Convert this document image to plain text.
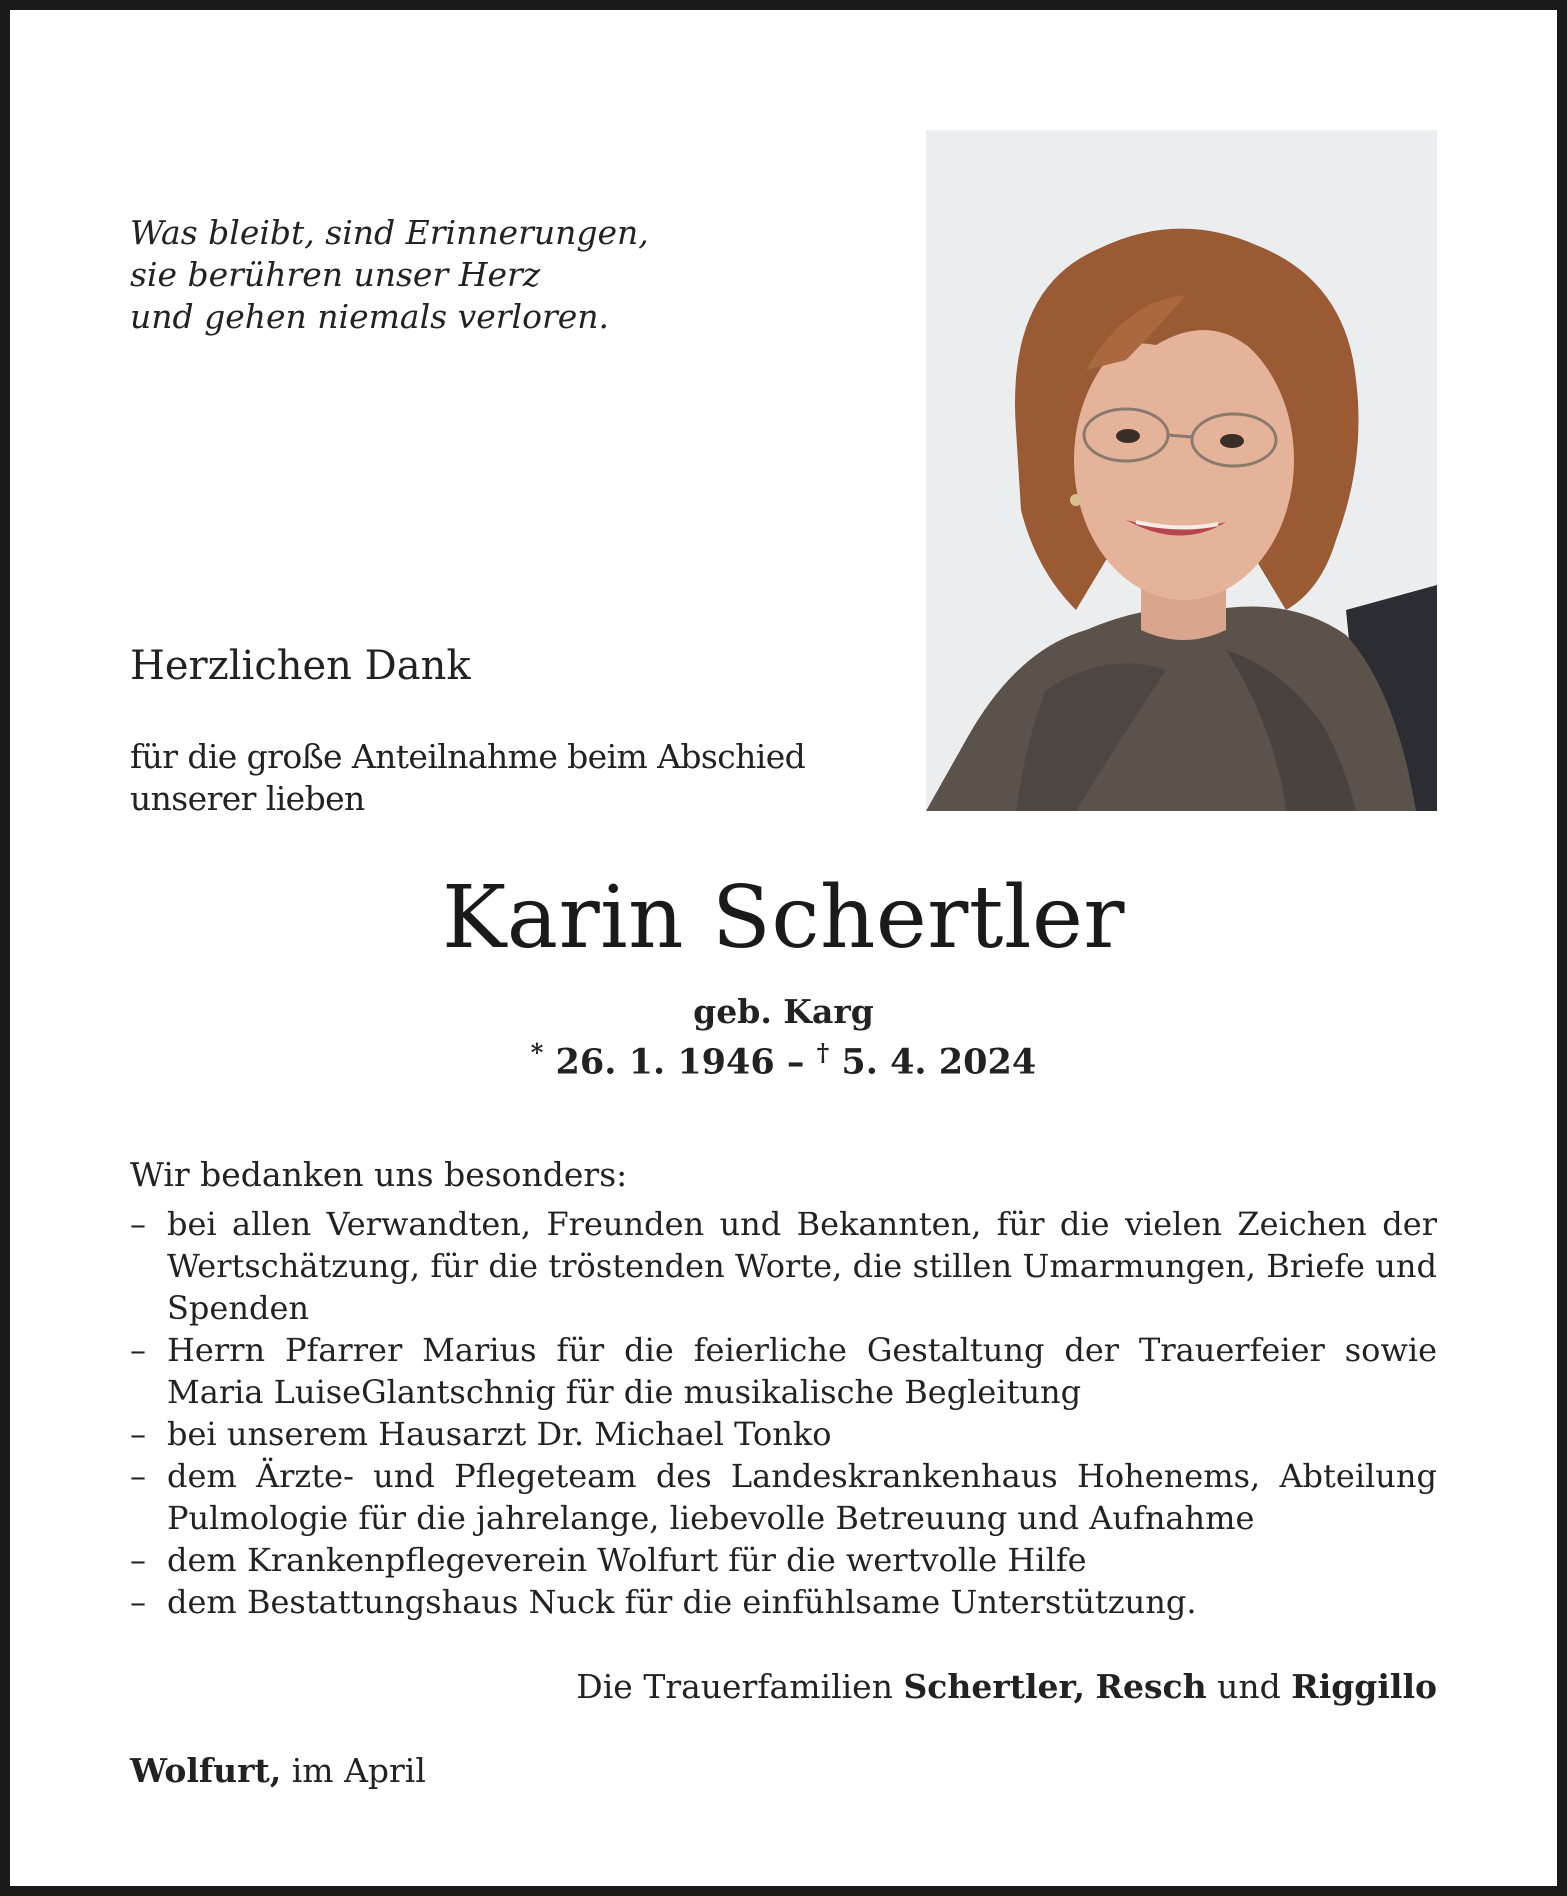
Was bleibt, sind Erinnerungen,
sie berühren unser Herz
und gehen niemals verloren.
Herzlichen Dank
für die große Anteilnahme beim Abschied
unserer lieben
Karin Schertler
geb. Karg
* 26. 1. 1946 – † 5. 4. 2024
Wir bedanken uns besonders:
– bei allen Verwandten, Freunden und Bekannten, für die vielen Zeichen der Wertschätzung, für die tröstenden Worte, die stillen Umarmungen, Briefe und Spenden
– Herrn Pfarrer Marius für die feierliche Gestaltung der Trauerfeier sowie Maria LuiseGlantschnig für die musikalische Begleitung
– bei unserem Hausarzt Dr. Michael Tonko
– dem Ärzte- und Pflegeteam des Landeskrankenhaus Hohenems, Abteilung Pulmologie für die jahrelange, liebevolle Betreuung und Aufnahme
– dem Krankenpflegeverein Wolfurt für die wertvolle Hilfe
– dem Bestattungshaus Nuck für die einfühlsame Unterstützung.
Die Trauerfamilien Schertler, Resch und Riggillo
Wolfurt, im April
